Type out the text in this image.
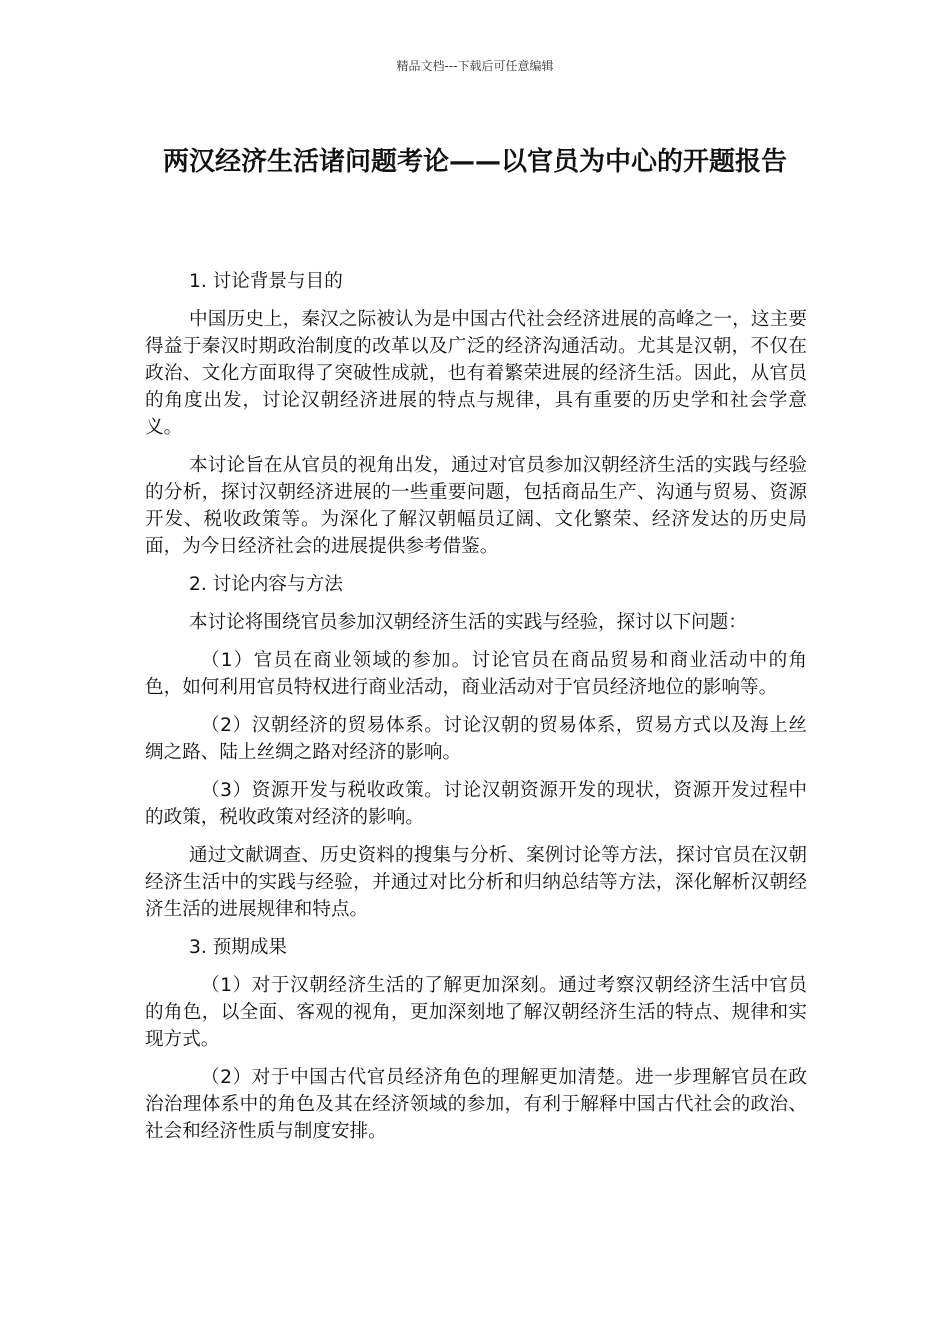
精品文档---下载后可任意编辑
两汉经济生活诸问题考论——以官员为中心的开题报告

1. 讨论背景与目的

中国历史上，秦汉之际被认为是中国古代社会经济进展的高峰之一，这主要得益于秦汉时期政治制度的改革以及广泛的经济沟通活动。尤其是汉朝，不仅在政治、文化方面取得了突破性成就，也有着繁荣进展的经济生活。因此，从官员的角度出发，讨论汉朝经济进展的特点与规律，具有重要的历史学和社会学意义。

本讨论旨在从官员的视角出发，通过对官员参加汉朝经济生活的实践与经验的分析，探讨汉朝经济进展的一些重要问题，包括商品生产、沟通与贸易、资源开发、税收政策等。为深化了解汉朝幅员辽阔、文化繁荣、经济发达的历史局面，为今日经济社会的进展提供参考借鉴。

2. 讨论内容与方法

本讨论将围绕官员参加汉朝经济生活的实践与经验，探讨以下问题：

（1）官员在商业领域的参加。讨论官员在商品贸易和商业活动中的角色，如何利用官员特权进行商业活动，商业活动对于官员经济地位的影响等。

（2）汉朝经济的贸易体系。讨论汉朝的贸易体系，贸易方式以及海上丝绸之路、陆上丝绸之路对经济的影响。

（3）资源开发与税收政策。讨论汉朝资源开发的现状，资源开发过程中的政策，税收政策对经济的影响。

通过文献调查、历史资料的搜集与分析、案例讨论等方法，探讨官员在汉朝经济生活中的实践与经验，并通过对比分析和归纳总结等方法，深化解析汉朝经济生活的进展规律和特点。

3. 预期成果

（1）对于汉朝经济生活的了解更加深刻。通过考察汉朝经济生活中官员的角色，以全面、客观的视角，更加深刻地了解汉朝经济生活的特点、规律和实现方式。

（2）对于中国古代官员经济角色的理解更加清楚。进一步理解官员在政治治理体系中的角色及其在经济领域的参加，有利于解释中国古代社会的政治、社会和经济性质与制度安排。
